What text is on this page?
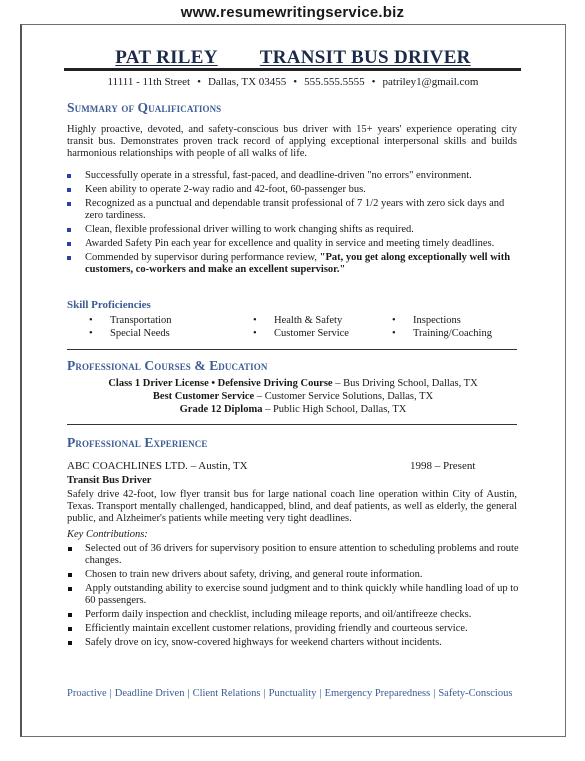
www.resumewritingservice.biz
PAT RILEY TRANSIT BUS DRIVER
11111 - 11th Street • Dallas, TX 03455 • 555.555.5555 • patriley1@gmail.com
Summary of Qualifications
Highly proactive, devoted, and safety-conscious bus driver with 15+ years' experience operating city transit bus. Demonstrates proven track record of applying exceptional interpersonal skills and builds harmonious relationships with people of all walks of life.
Successfully operate in a stressful, fast-paced, and deadline-driven "no errors" environment.
Keen ability to operate 2-way radio and 42-foot, 60-passenger bus.
Recognized as a punctual and dependable transit professional of 7 1/2 years with zero sick days and zero tardiness.
Clean, flexible professional driver willing to work changing shifts as required.
Awarded Safety Pin each year for excellence and quality in service and meeting timely deadlines.
Commended by supervisor during performance review, "Pat, you get along exceptionally well with customers, co-workers and make an excellent supervisor."
Skill Proficiencies
• Transportation	• Health & Safety	• Inspections
• Special Needs	• Customer Service	• Training/Coaching
Professional Courses & Education
Class 1 Driver License • Defensive Driving Course – Bus Driving School, Dallas, TX
Best Customer Service – Customer Service Solutions, Dallas, TX
Grade 12 Diploma – Public High School, Dallas, TX
Professional Experience
ABC COACHLINES LTD. – Austin, TX	1998 – Present
Transit Bus Driver
Safely drive 42-foot, low flyer transit bus for large national coach line operation within City of Austin, Texas. Transport mentally challenged, handicapped, blind, and deaf patients, as well as elderly, the general public, and Alzheimer's patients while meeting very tight deadlines.
Key Contributions:
Selected out of 36 drivers for supervisory position to ensure attention to scheduling problems and route changes.
Chosen to train new drivers about safety, driving, and general route information.
Apply outstanding ability to exercise sound judgment and to think quickly while handling load of up to 60 passengers.
Perform daily inspection and checklist, including mileage reports, and oil/antifreeze checks.
Efficiently maintain excellent customer relations, providing friendly and courteous service.
Safely drove on icy, snow-covered highways for weekend charters without incidents.
Proactive | Deadline Driven | Client Relations | Punctuality | Emergency Preparedness | Safety-Conscious
